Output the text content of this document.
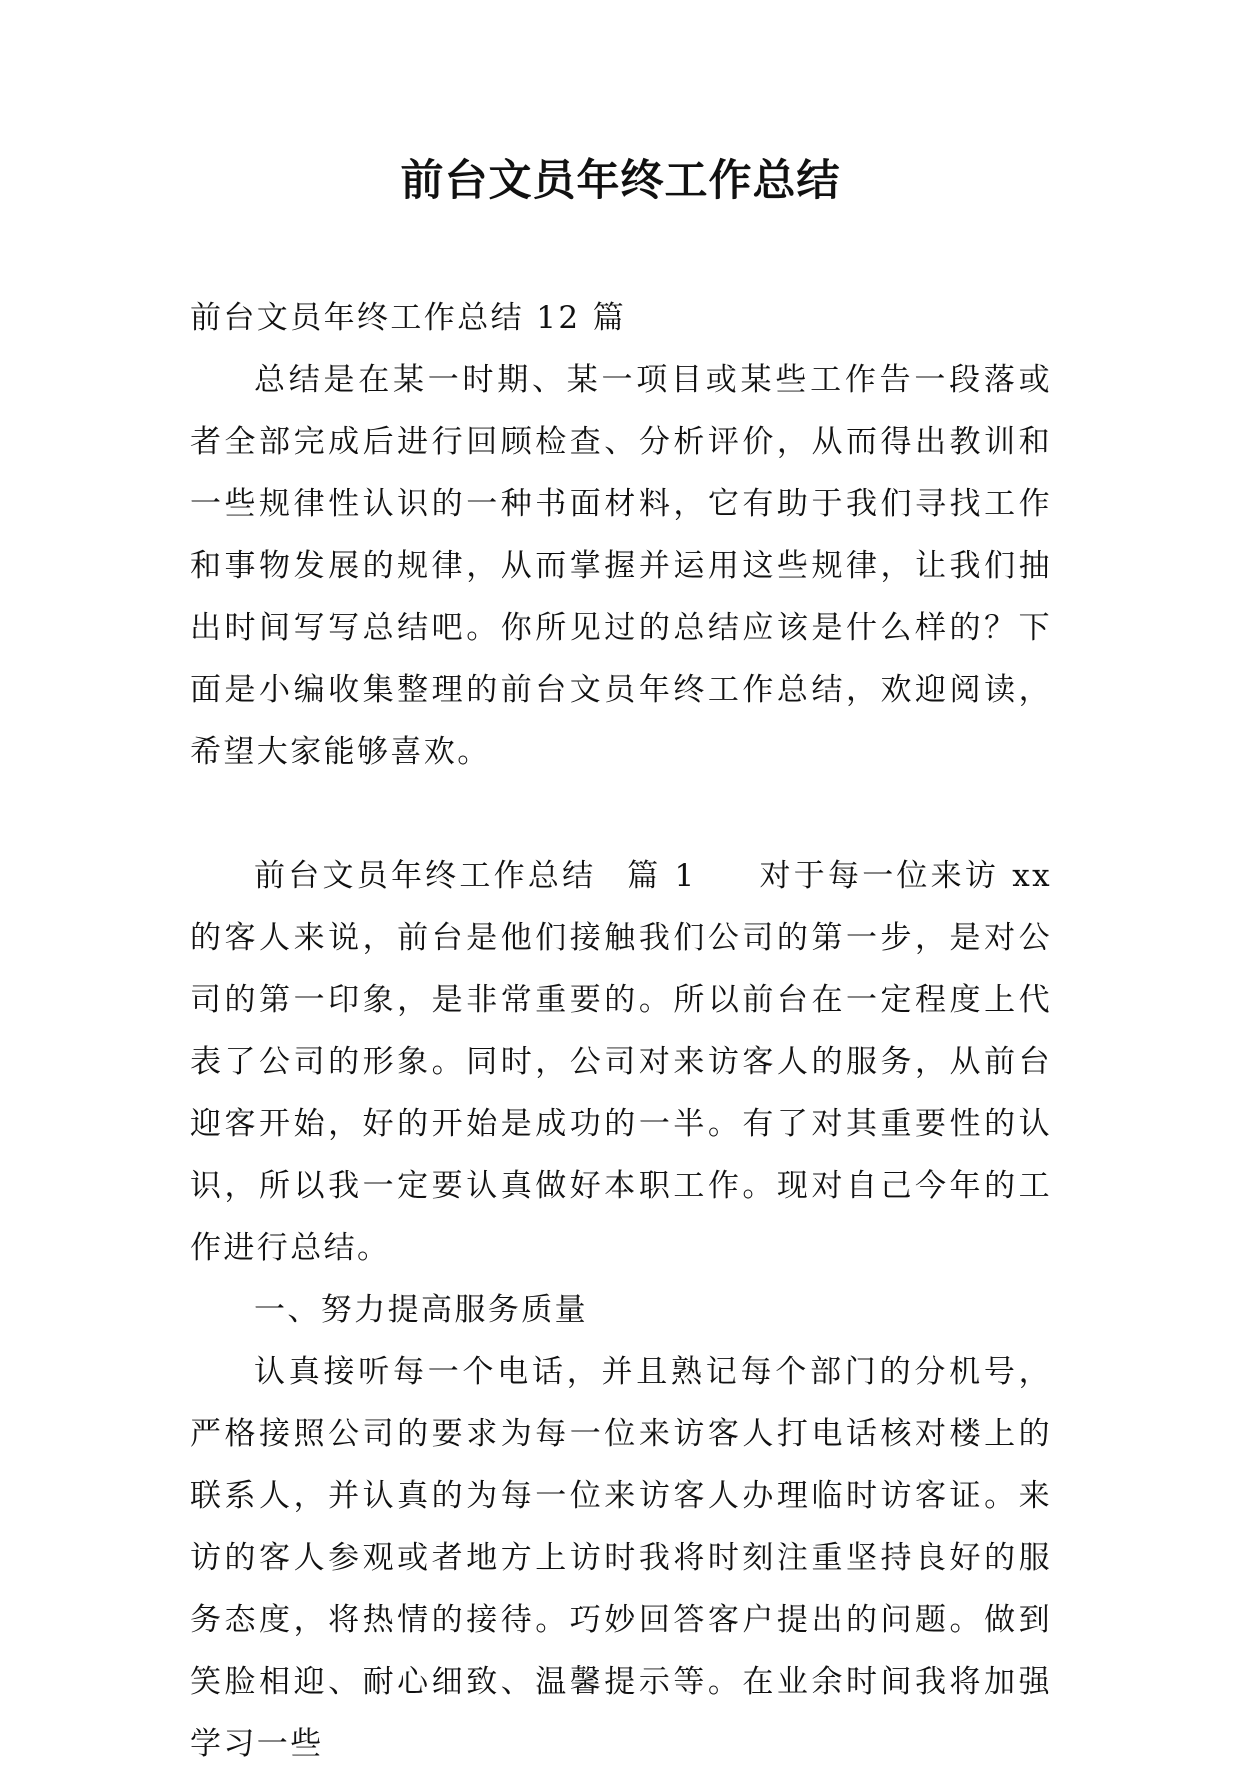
前台文员年终工作总结

前台文员年终工作总结 12 篇

总结是在某一时期、某一项目或某些工作告一段落或者全部完成后进行回顾检查、分析评价，从而得出教训和一些规律性认识的一种书面材料，它有助于我们寻找工作和事物发展的规律，从而掌握并运用这些规律，让我们抽出时间写写总结吧。你所见过的总结应该是什么样的？下面是小编收集整理的前台文员年终工作总结，欢迎阅读，希望大家能够喜欢。

前台文员年终工作总结 篇 1 对于每一位来访 xx 的客人来说，前台是他们接触我们公司的第一步，是对公司的第一印象，是非常重要的。所以前台在一定程度上代表了公司的形象。同时，公司对来访客人的服务，从前台迎客开始，好的开始是成功的一半。有了对其重要性的认识，所以我一定要认真做好本职工作。现对自己今年的工作进行总结。

一、努力提高服务质量

认真接听每一个电话，并且熟记每个部门的分机号，严格接照公司的要求为每一位来访客人打电话核对楼上的联系人，并认真的为每一位来访客人办理临时访客证。来访的客人参观或者地方上访时我将时刻注重坚持良好的服务态度，将热情的接待。巧妙回答客户提出的问题。做到笑脸相迎、耐心细致、温馨提示等。在业余时间我将加强学习一些
